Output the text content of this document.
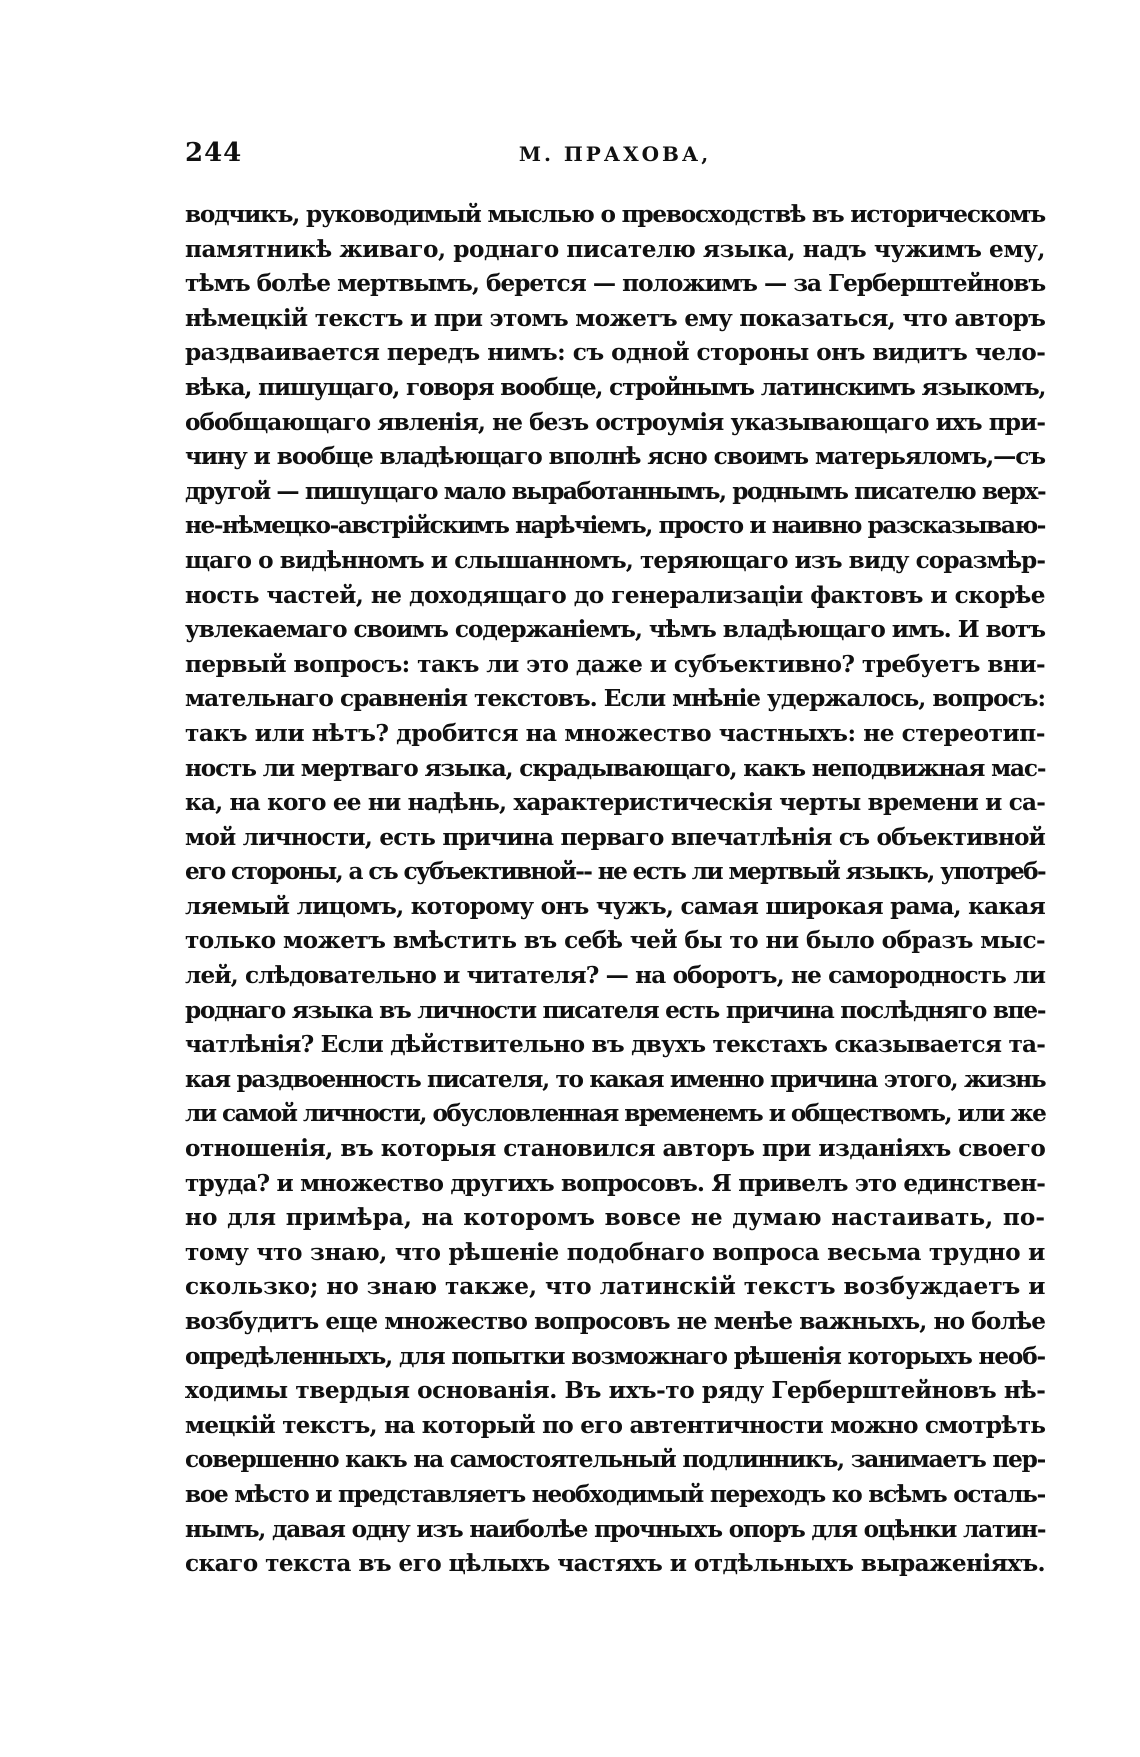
244	М. ПРАХОВА,
водчикъ, руководимый мыслью о превосходствѣ въ историческомъ
памятникѣ живаго, роднаго писателю языка, надъ чужимъ ему,
тѣмъ болѣе мертвымъ, берется — положимъ — за Герберштейновъ
нѣмецкій текстъ и при этомъ можетъ ему показаться, что авторъ
раздваивается передъ нимъ: съ одной стороны онъ видитъ чело-
вѣка, пишущаго, говоря вообще, стройнымъ латинскимъ языкомъ,
обобщающаго явленія, не безъ остроумія указывающаго ихъ при-
чину и вообще владѣющаго вполнѣ ясно своимъ матерьяломъ,—съ
другой — пишущаго мало выработаннымъ, роднымъ писателю верх-
не-нѣмецко-австрійскимъ нарѣчіемъ, просто и наивно разсказываю-
щаго о видѣнномъ и слышанномъ, теряющаго изъ виду соразмѣр-
ность частей, не доходящаго до генерализаціи фактовъ и скорѣе
увлекаемаго своимъ содержаніемъ, чѣмъ владѣющаго имъ. И вотъ
первый вопросъ: такъ ли это даже и субъективно? требуетъ вни-
мательнаго сравненія текстовъ. Если мнѣніе удержалось, вопросъ:
такъ или нѣтъ? дробится на множество частныхъ: не стереотип-
ность ли мертваго языка, скрадывающаго, какъ неподвижная мас-
ка, на кого ее ни надѣнь, характеристическія черты времени и са-
мой личности, есть причина перваго впечатлѣнія съ объективной
его стороны, а съ субъективной-- не есть ли мертвый языкъ, употреб-
ляемый лицомъ, которому онъ чужъ, самая широкая рама, какая
только можетъ вмѣстить въ себѣ чей бы то ни было образъ мыс-
лей, слѣдовательно и читателя? — на оборотъ, не самородность ли
роднаго языка въ личности писателя есть причина послѣдняго впе-
чатлѣнія? Если дѣйствительно въ двухъ текстахъ сказывается та-
кая раздвоенность писателя, то какая именно причина этого, жизнь
ли самой личности, обусловленная временемъ и обществомъ, или же
отношенія, въ которыя становился авторъ при изданіяхъ своего
труда? и множество другихъ вопросовъ. Я привелъ это единствен-
но для примѣра, на которомъ вовсе не думаю настаивать, по-
тому что знаю, что рѣшеніе подобнаго вопроса весьма трудно и
скользко; но знаю также, что латинскій текстъ возбуждаетъ и
возбудитъ еще множество вопросовъ не менѣе важныхъ, но болѣе
опредѣленныхъ, для попытки возможнаго рѣшенія которыхъ необ-
ходимы твердыя основанія. Въ ихъ-то ряду Герберштейновъ нѣ-
мецкій текстъ, на который по его автентичности можно смотрѣть
совершенно какъ на самостоятельный подлинникъ, занимаетъ пер-
вое мѣсто и представляетъ необходимый переходъ ко всѣмъ осталь-
нымъ, давая одну изъ наиболѣе прочныхъ опоръ для оцѣнки латин-
скаго текста въ его цѣлыхъ частяхъ и отдѣльныхъ выраженіяхъ.
